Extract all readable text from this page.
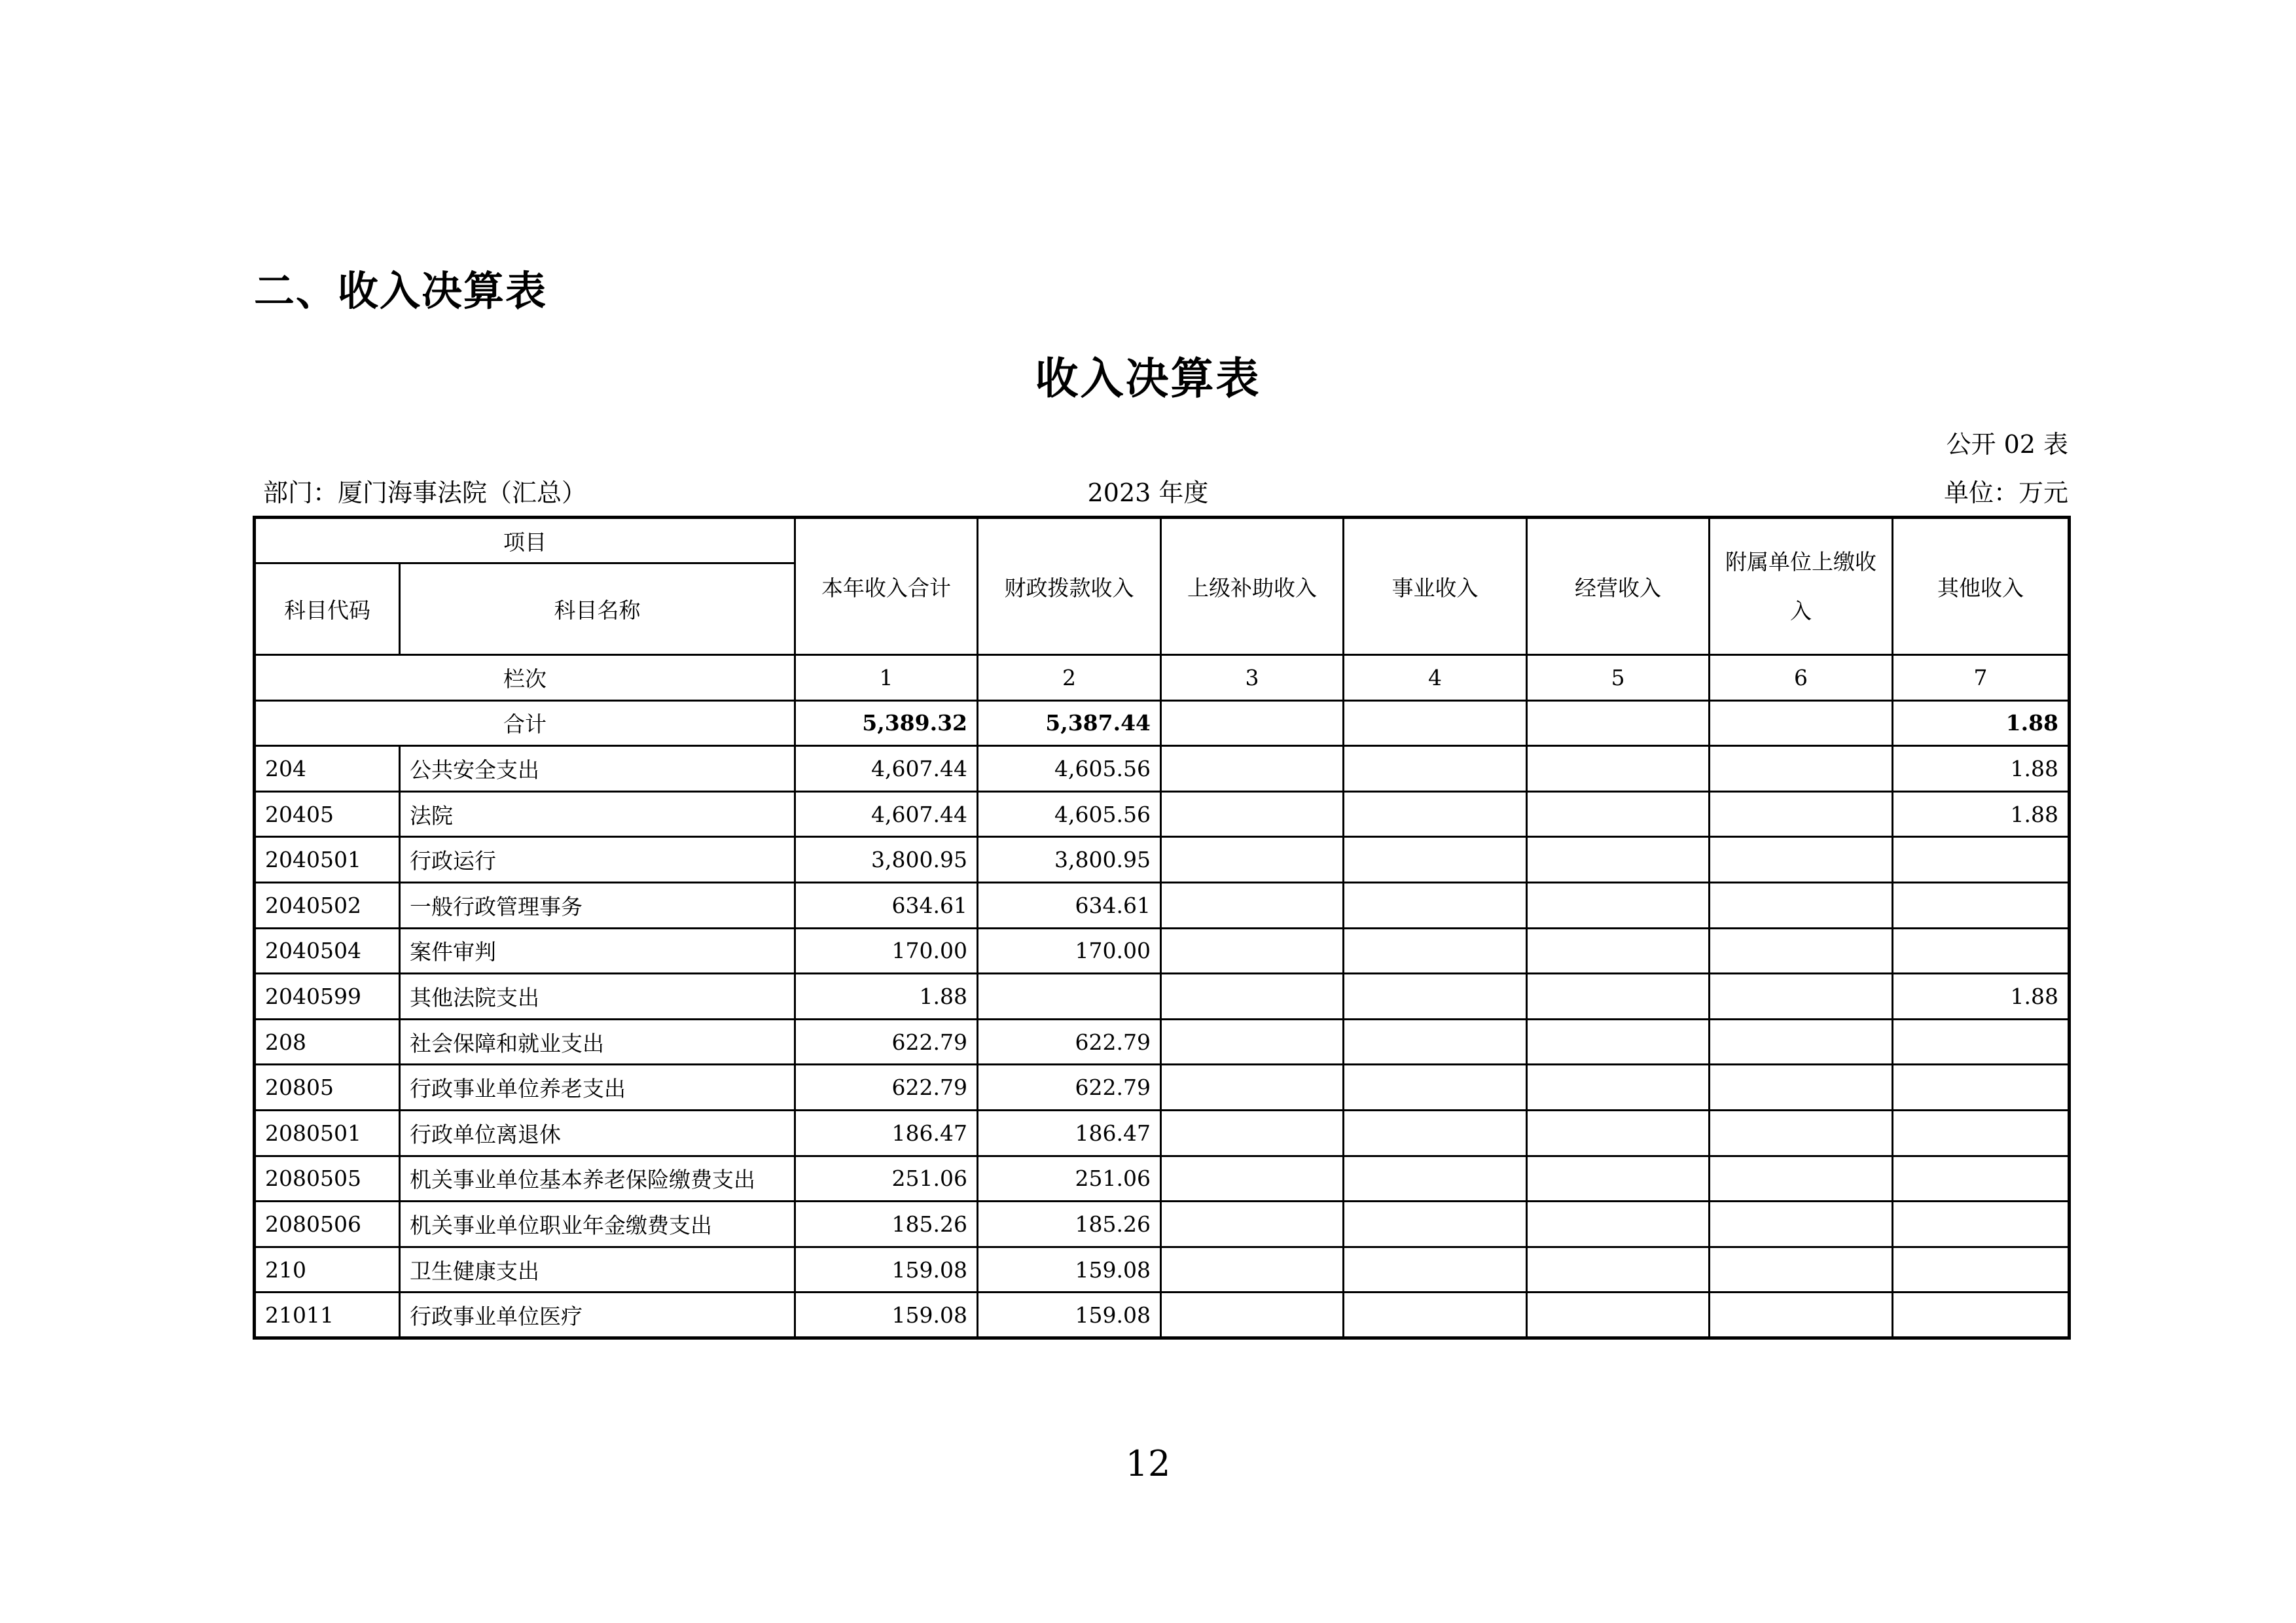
二、收入决算表
收入决算表
公开 02 表
部门：厦门海事法院（汇总）	2023 年度	单位：万元
项目		本年收入合计	财政拨款收入	上级补助收入	事业收入	经营收入	附属单位上缴收入	其他收入
科目代码	科目名称							
栏次		1	2	3	4	5	6	7
合计		5,389.32	5,387.44					1.88
204	公共安全支出	4,607.44	4,605.56					1.88
20405	法院	4,607.44	4,605.56					1.88
2040501	行政运行	3,800.95	3,800.95					
2040502	一般行政管理事务	634.61	634.61					
2040504	案件审判	170.00	170.00					
2040599	其他法院支出	1.88						1.88
208	社会保障和就业支出	622.79	622.79					
20805	行政事业单位养老支出	622.79	622.79					
2080501	行政单位离退休	186.47	186.47					
2080505	机关事业单位基本养老保险缴费支出	251.06	251.06					
2080506	机关事业单位职业年金缴费支出	185.26	185.26					
210	卫生健康支出	159.08	159.08					
21011	行政事业单位医疗	159.08	159.08					
12
